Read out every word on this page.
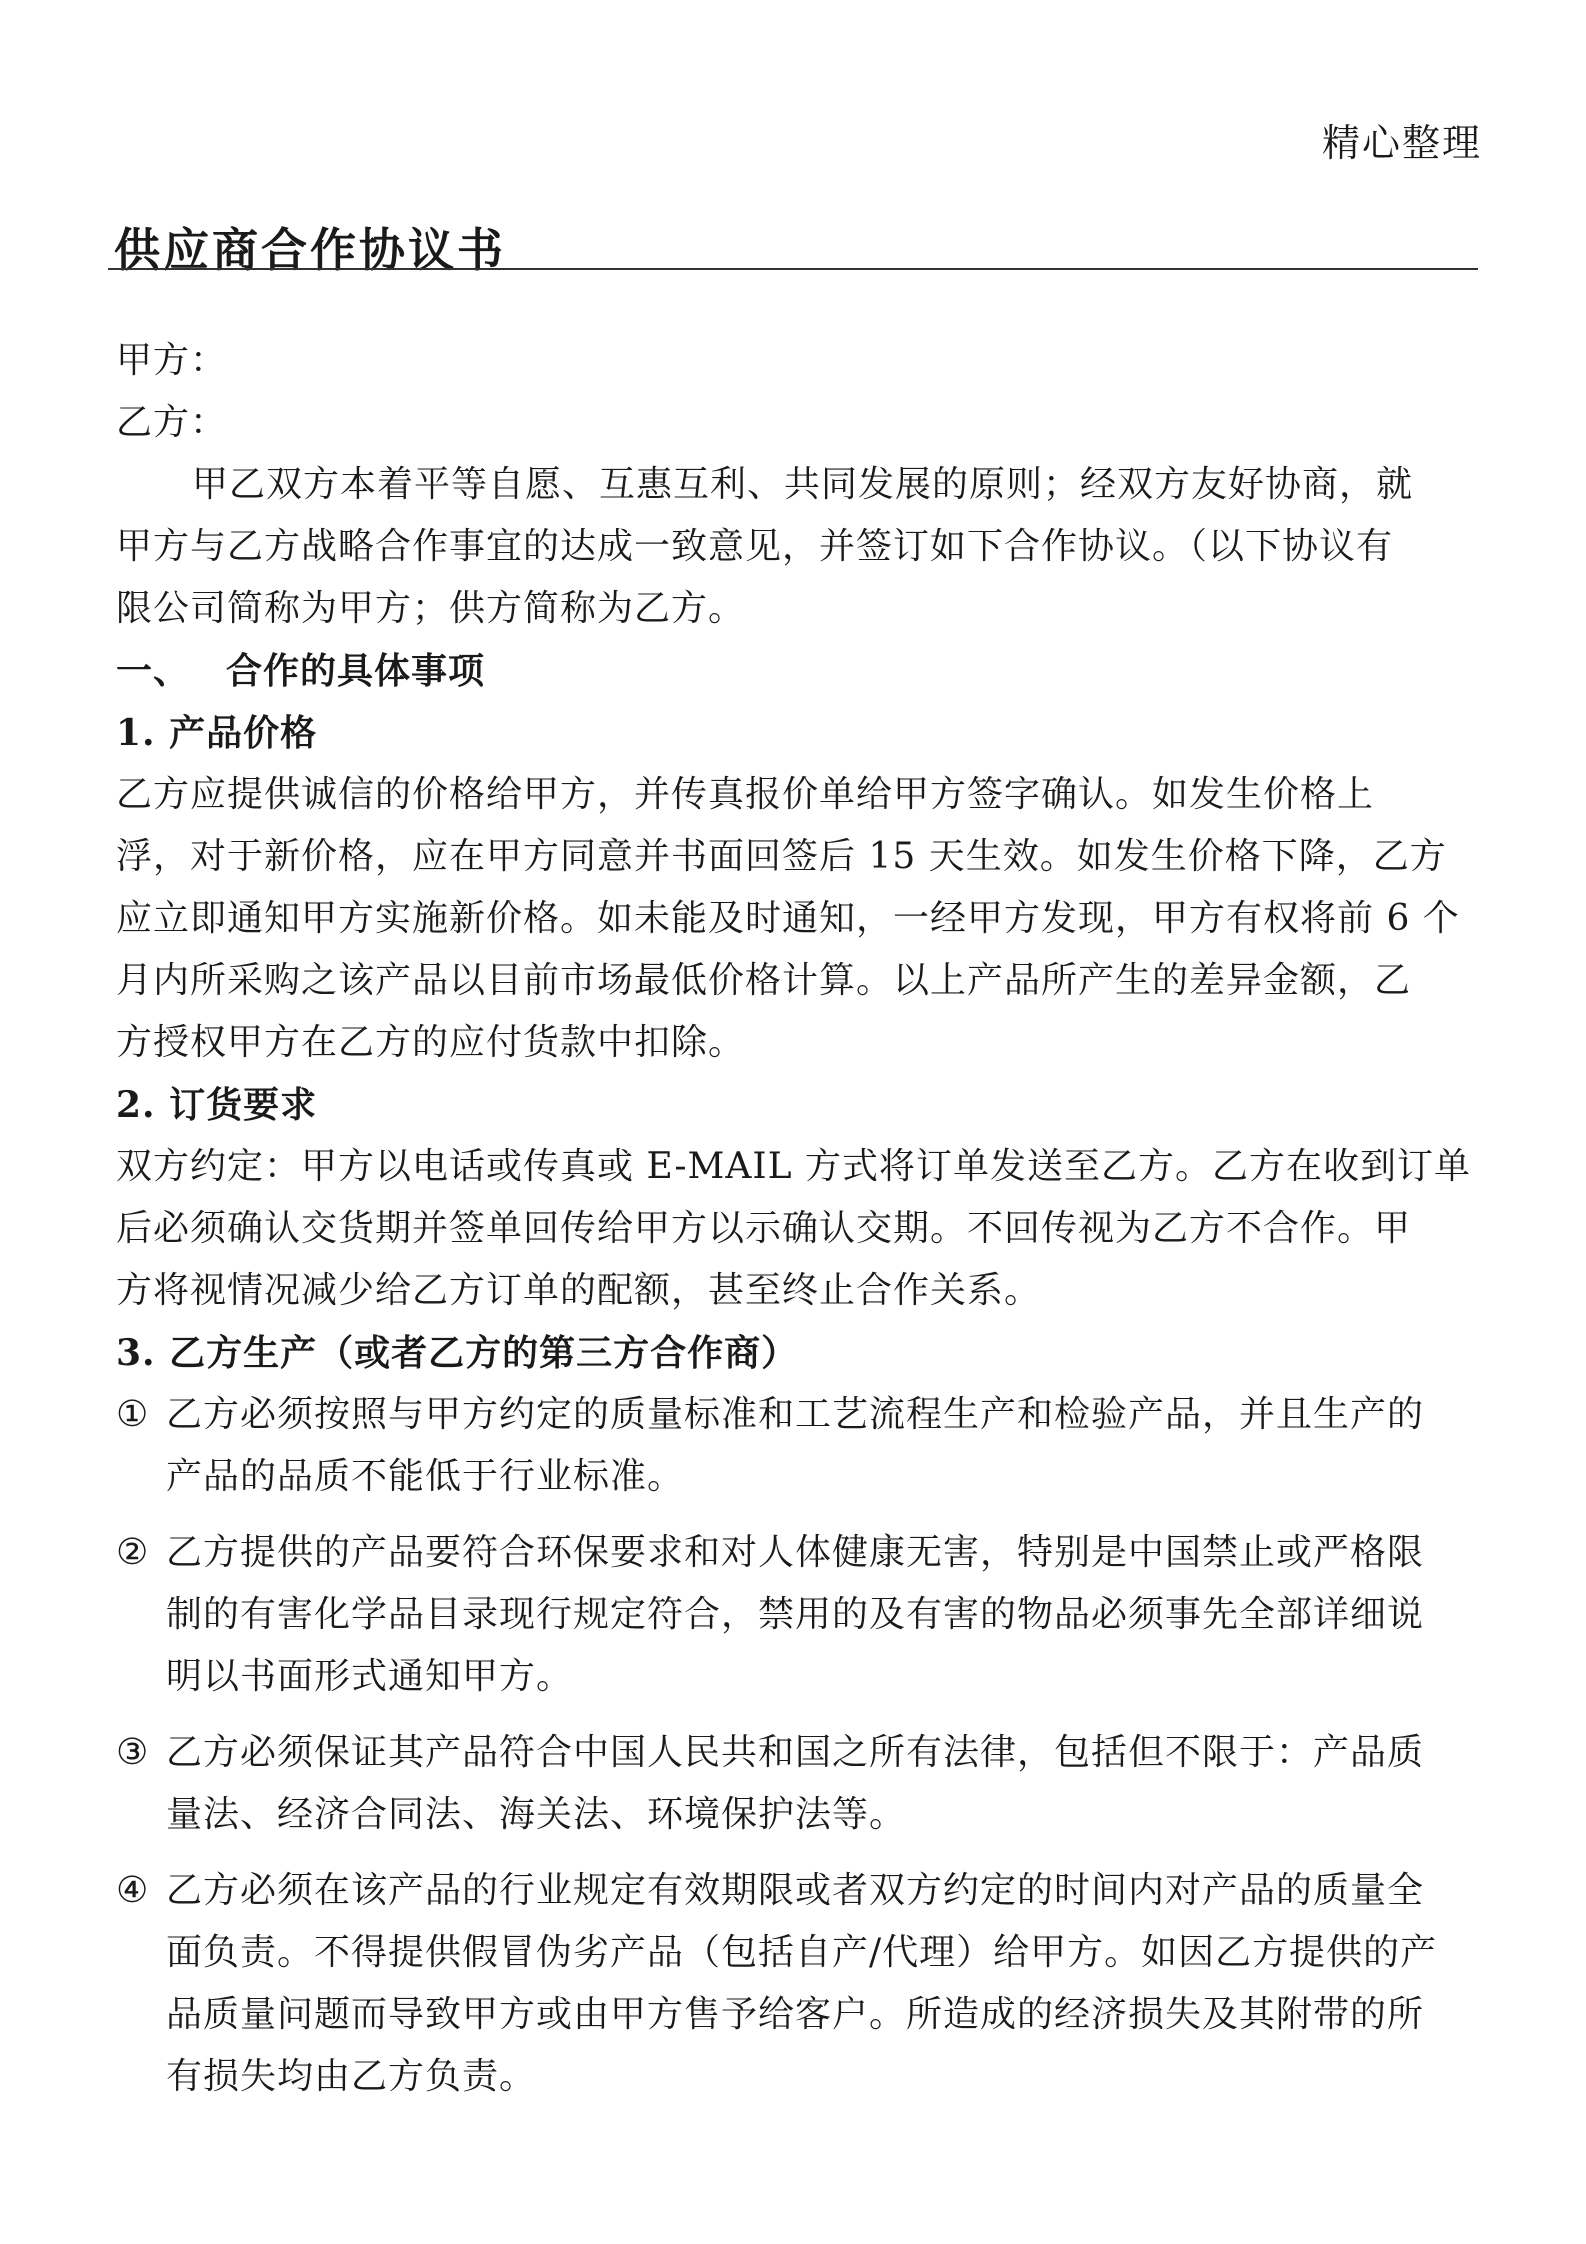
精心整理
供应商合作协议书
甲方：
乙方：
甲乙双方本着平等自愿、互惠互利、共同发展的原则；经双方友好协商，就
甲方与乙方战略合作事宜的达成一致意见，并签订如下合作协议。（以下协议有
限公司简称为甲方；供方简称为乙方。
一、 合作的具体事项
1. 产品价格
乙方应提供诚信的价格给甲方，并传真报价单给甲方签字确认。如发生价格上
浮，对于新价格，应在甲方同意并书面回签后 15 天生效。如发生价格下降，乙方
应立即通知甲方实施新价格。如未能及时通知，一经甲方发现，甲方有权将前 6 个
月内所采购之该产品以目前市场最低价格计算。以上产品所产生的差异金额，乙
方授权甲方在乙方的应付货款中扣除。
2. 订货要求
双方约定：甲方以电话或传真或 E-MAIL 方式将订单发送至乙方。乙方在收到订单
后必须确认交货期并签单回传给甲方以示确认交期。不回传视为乙方不合作。甲
方将视情况减少给乙方订单的配额，甚至终止合作关系。
3. 乙方生产（或者乙方的第三方合作商）
① 乙方必须按照与甲方约定的质量标准和工艺流程生产和检验产品，并且生产的
产品的品质不能低于行业标准。
② 乙方提供的产品要符合环保要求和对人体健康无害，特别是中国禁止或严格限
制的有害化学品目录现行规定符合，禁用的及有害的物品必须事先全部详细说
明以书面形式通知甲方。
③ 乙方必须保证其产品符合中国人民共和国之所有法律，包括但不限于：产品质
量法、经济合同法、海关法、环境保护法等。
④ 乙方必须在该产品的行业规定有效期限或者双方约定的时间内对产品的质量全
面负责。不得提供假冒伪劣产品（包括自产/代理）给甲方。如因乙方提供的产
品质量问题而导致甲方或由甲方售予给客户。所造成的经济损失及其附带的所
有损失均由乙方负责。
